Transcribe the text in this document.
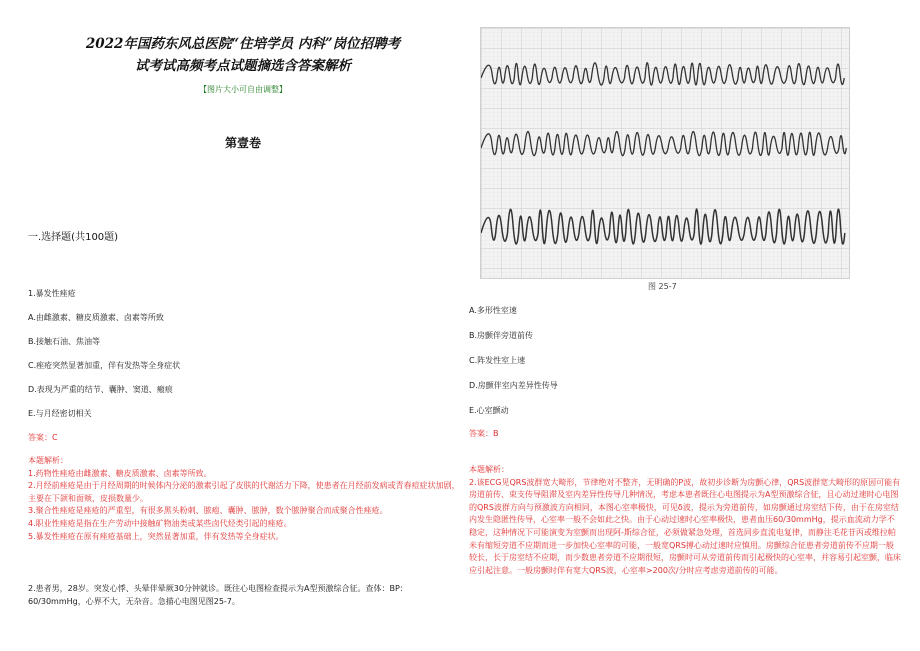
2022年国药东风总医院“住培学员 内科”岗位招聘考
试考试高频考点试题摘选含答案解析
【图片大小可自由调整】
第壹卷
一.选择题(共100题)
1.暴发性痤疮
A.由雌激素、糖皮质激素、卤素等所致
B.接触石油、焦油等
C.痤疮突然显著加重，伴有发热等全身症状
D.表现为严重的结节、囊肿、窦道、瘢痕
E.与月经密切相关
答案：C
本题解析：
1.药物性痤疮由雌激素、糖皮质激素、卤素等所致。
2.月经前痤疮是由于月经周期的时候体内分泌的激素引起了皮肤的代谢活力下降，使患者在月经前发病或青春痘症状加剧，主要在下颌和面颊，皮损数量少。
3.聚合性痤疮是痤疮的严重型，有很多黑头粉刺、脓疱、囊肿、脓肿，数个脓肿聚合而成聚合性痤疮。
4.职业性痤疮是指在生产劳动中接触矿物油类或某些卤代烃类引起的痤疮。
5.暴发性痤疮在原有痤疮基础上，突然显著加重，伴有发热等全身症状。
2.患者男，28岁。突发心悸、头晕伴晕厥30分钟就诊。既往心电图检查提示为A型预激综合征。查体：BP：60/30mmHg，心界不大，无杂音。急描心电图见图25-7。
图 25-7
A.多形性室速
B.房颤伴旁道前传
C.阵发性室上速
D.房颤伴室内差异性传导
E.心室颤动
答案：B
本题解析：
2.该ECG见QRS波群宽大畸形，节律绝对不整齐，无明确的P波，故初步诊断为房颤心律，QRS波群宽大畸形的原因可能有房道前传、束支传导阻滞及室内差异性传导几种情况，考虑本患者既往心电图提示为A型预激综合征，且心动过速时心电图的QRS波群方向与预激波方向相同，本图心室率极快，可见δ波，提示为旁道前传，如房颤通过房室结下传，由于在房室结内发生隐匿性传导，心室率一般不会如此之快。由于心动过速时心室率极快，患者血压60/30mmHg，提示血流动力学不稳定，这种情况下可能演变为室颤而出现阿-斯综合征，必须做紧急处理，首选同步直流电复律，而静注毛花苷丙或维拉帕米有缩短旁道不应期而进一步加快心室率的可能，一般宽QRS搏心动过速时应慎用。房颤综合征患者旁道前传不应期一般较长，长于房室结不应期，而少数患者旁道不应期很短，房颤时可从旁道前传而引起极快的心室率，并容易引起室颤，临床应引起注意。一般房颤时伴有宽大QRS波，心室率>200次/分时应考虑旁道前传的可能。
